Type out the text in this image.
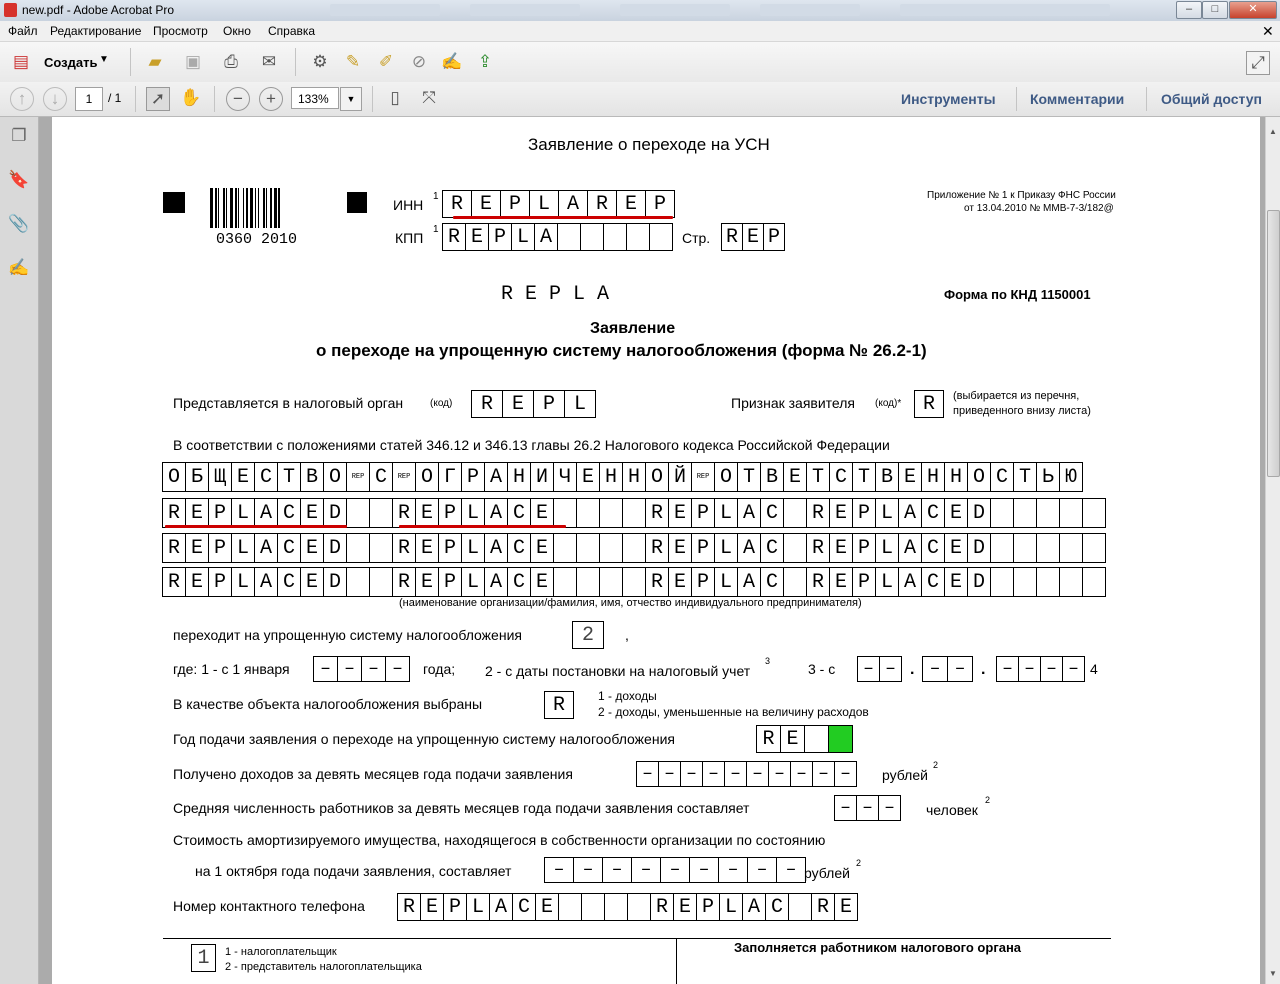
new.pdf - Adobe Acrobat Pro	–	□	✕
Файл Редактирование Просмотр Окно Справка	✕
▤ Создать ▼ ▰ ▣ ⎙ ✉ ⚙ ✎ ✐ ⊘ ✍ ⇪	⤢
↑	↓	1	/ 1 ➚ ✋	−	+	133%	▼	▯	⤧	Инструменты Комментарии	Общий доступ
❐
🔖
📎
✍
Заявление о переходе на УСН
0360 2010
ИНН
1 R E P L A R E P
КПП
1 R E P L A	Стр. R E P
Приложение № 1 к Приказу ФНС России
от 13.04.2010 № ММВ-7-3/182@
R E P L A	Форма по КНД 1150001
Заявление
о переходе на упрощенную систему налогообложения (форма № 26.2-1)
Представляется в налоговый орган	(код)	R E P L	Признак заявителя (код)*	R	(выбирается из перечня,
приведенного внизу листа)
В соответствии с положениями статей 346.12 и 346.13 главы 26.2 Налогового кодекса Российской Федерации
О Б Щ Е С Т В О	REP С	REP О Г Р А Н И Ч Е Н Н О Й	REP О Т В Е Т С Т В Е Н Н О С Т Ь Ю
R E P L A C E D	R E P L A C E	R E P L A C	R E P L A C E D
R E P L A C E D	R E P L A C E	R E P L A C	R E P L A C E D
R E P L A C E D	R E P L A C E	R E P L A C	R E P L A C E D
(наименование организации/фамилия, имя, отчество индивидуального предпринимателя)
переходит на упрощенную систему налогообложения	2	,
где: 1 - с 1 января	– – – –	года; 2 - с даты постановки на налоговый учет
3	3 - с	– – . – – . – – – – 4
В качестве объекта налогообложения выбраны	R	1 - доходы
2 - доходы, уменьшенные на величину расходов
Год подачи заявления о переходе на упрощенную систему налогообложения	R E
Получено доходов за девять месяцев года подачи заявления	– – – – – – – – – –	рублей
2
Средняя численность работников за девять месяцев года подачи заявления составляет	– – –	человек
2
Стоимость амортизируемого имущества, находящегося в собственности организации по состоянию
на 1 октября года подачи заявления, составляет	–	–	–	–	–	–	–	–	– рублей
2
Номер контактного телефона R E P L A C E	R E P L A C	R E
1	1 - налогоплательщик
2 - представитель налогоплательщика
Заполняется работником налогового органа
▲
▼
